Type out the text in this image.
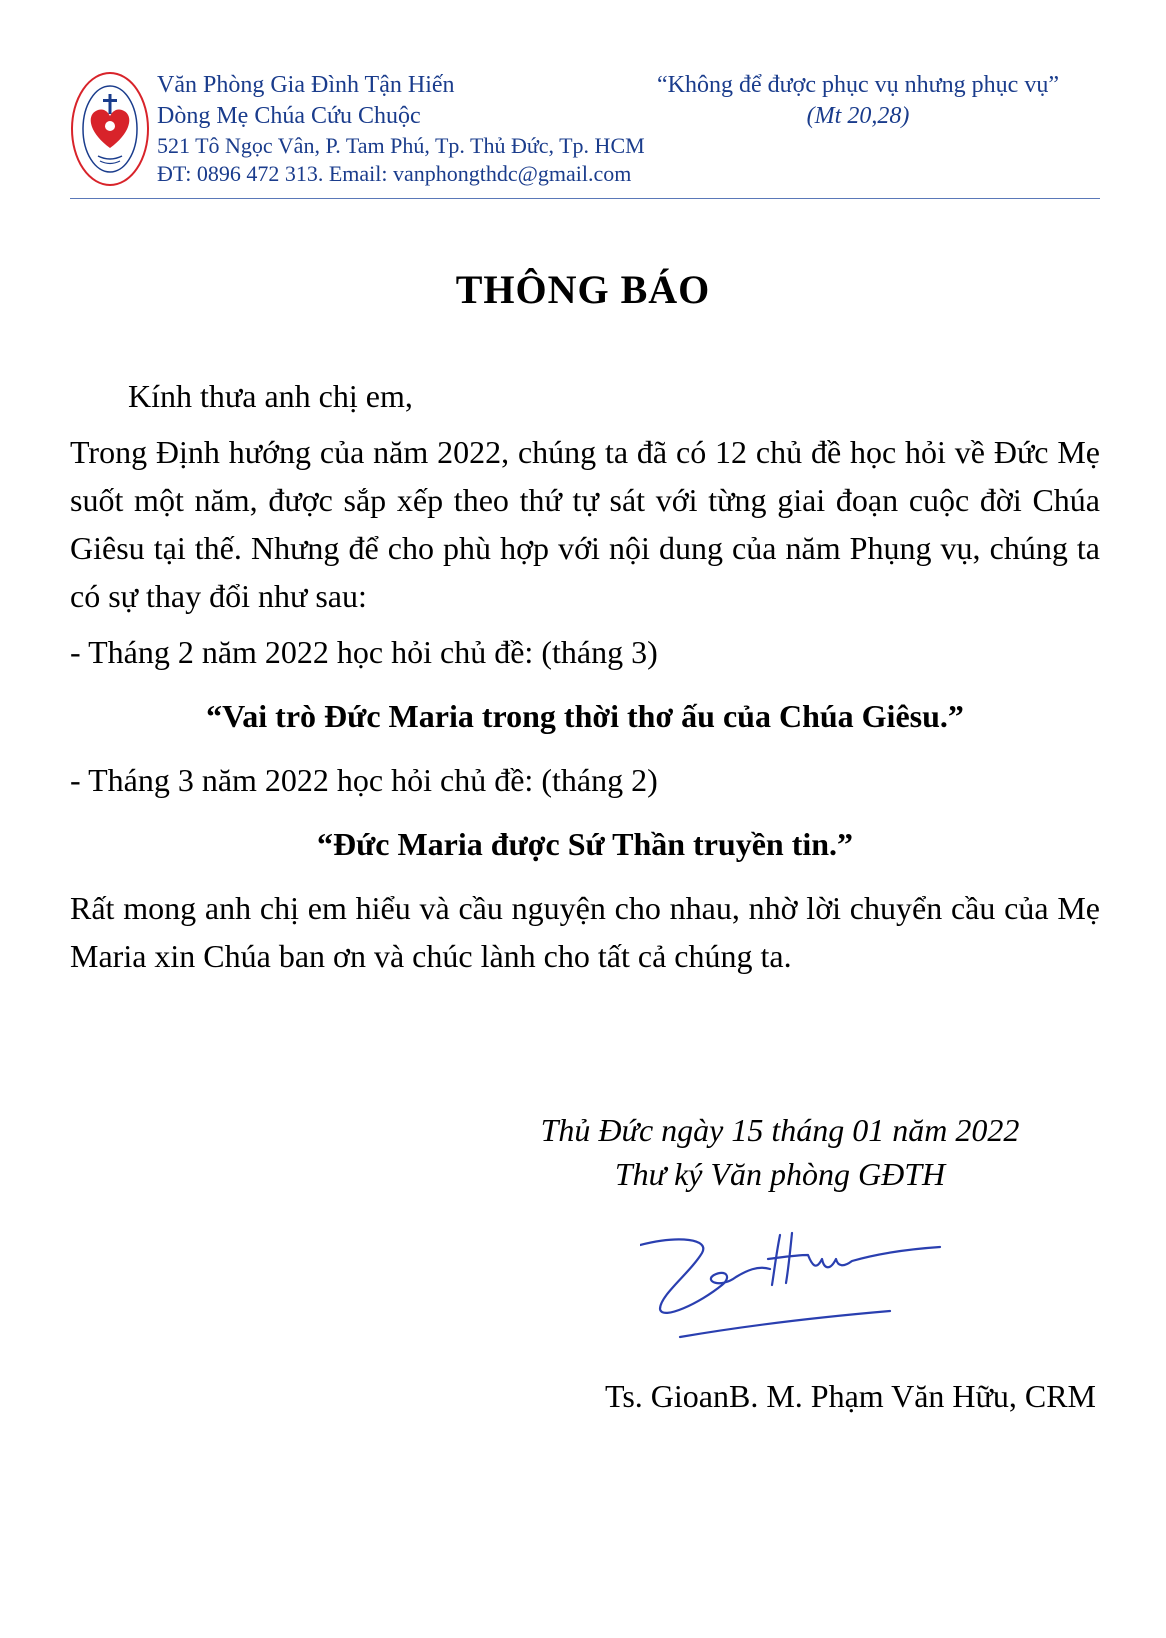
Văn Phòng Gia Đình Tận Hiến
Dòng Mẹ Chúa Cứu Chuộc
521 Tô Ngọc Vân, P. Tam Phú, Tp. Thủ Đức, Tp. HCM
ĐT: 0896 472 313. Email: vanphongthdc@gmail.com
“Không để được phục vụ nhưng phục vụ”
(Mt 20,28)
THÔNG BÁO

Kính thưa anh chị em,

Trong Định hướng của năm 2022, chúng ta đã có 12 chủ đề học hỏi về Đức Mẹ suốt một năm, được sắp xếp theo thứ tự sát với từng giai đoạn cuộc đời Chúa Giêsu tại thế. Nhưng để cho phù hợp với nội dung của năm Phụng vụ, chúng ta có sự thay đổi như sau:

- Tháng 2 năm 2022 học hỏi chủ đề: (tháng 3)

“Vai trò Đức Maria trong thời thơ ấu của Chúa Giêsu.”

- Tháng 3 năm 2022 học hỏi chủ đề: (tháng 2)

“Đức Maria được Sứ Thần truyền tin.”

Rất mong anh chị em hiểu và cầu nguyện cho nhau, nhờ lời chuyển cầu của Mẹ Maria xin Chúa ban ơn và chúc lành cho tất cả chúng ta.

Thủ Đức ngày 15 tháng 01 năm 2022
Thư ký Văn phòng GĐTH
Ts. GioanB. M. Phạm Văn Hữu, CRM
